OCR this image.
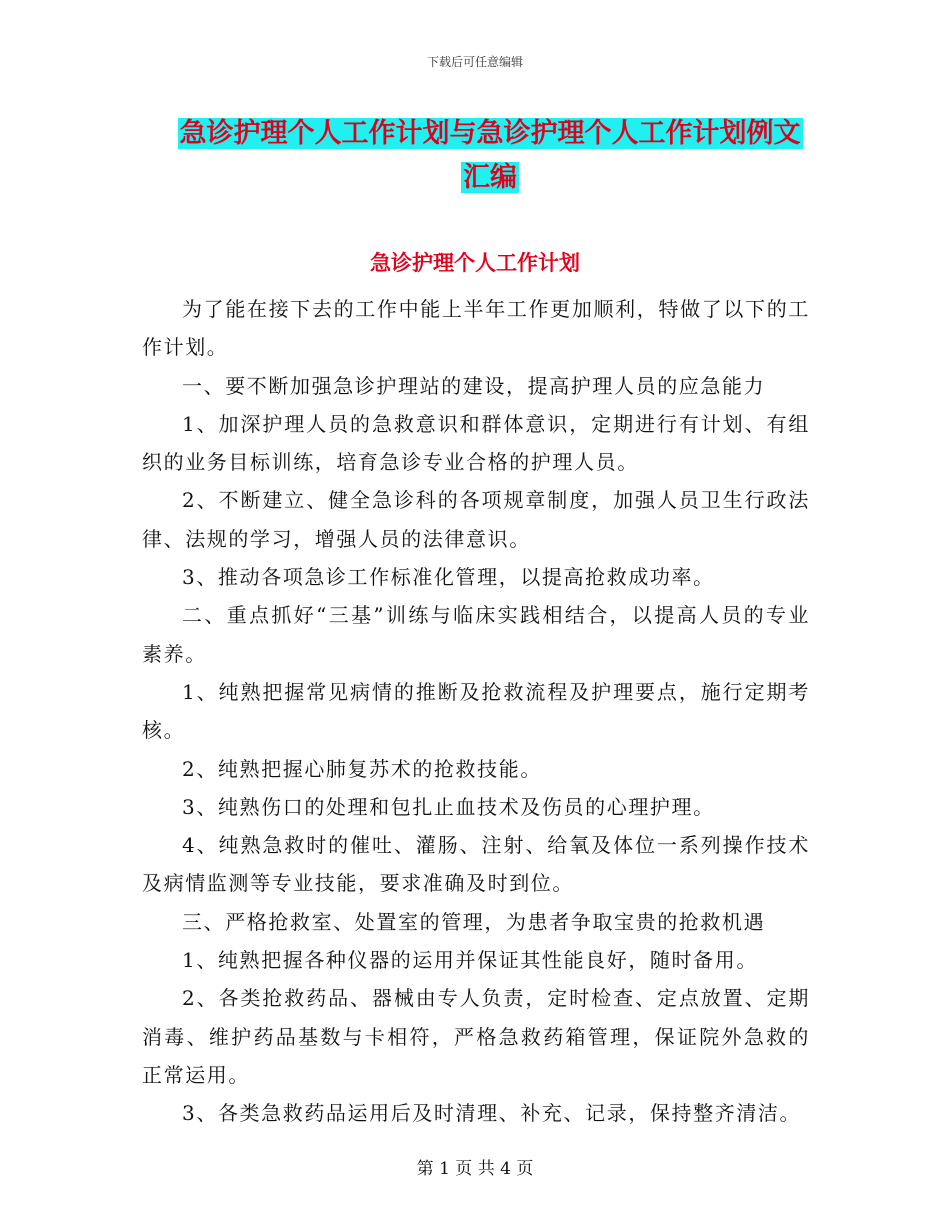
下载后可任意编辑
急诊护理个人工作计划与急诊护理个人工作计划例文
汇编
急诊护理个人工作计划

为了能在接下去的工作中能上半年工作更加顺利，特做了以下的工作计划。

一、要不断加强急诊护理站的建设，提高护理人员的应急能力

1、加深护理人员的急救意识和群体意识，定期进行有计划、有组织的业务目标训练，培育急诊专业合格的护理人员。

2、不断建立、健全急诊科的各项规章制度，加强人员卫生行政法律、法规的学习，增强人员的法律意识。

3、推动各项急诊工作标准化管理，以提高抢救成功率。

二、重点抓好“三基”训练与临床实践相结合，以提高人员的专业素养。

1、纯熟把握常见病情的推断及抢救流程及护理要点，施行定期考核。

2、纯熟把握心肺复苏术的抢救技能。

3、纯熟伤口的处理和包扎止血技术及伤员的心理护理。

4、纯熟急救时的催吐、灌肠、注射、给氧及体位一系列操作技术及病情监测等专业技能，要求准确及时到位。

三、严格抢救室、处置室的管理，为患者争取宝贵的抢救机遇

1、纯熟把握各种仪器的运用并保证其性能良好，随时备用。

2、各类抢救药品、器械由专人负责，定时检查、定点放置、定期消毒、维护药品基数与卡相符，严格急救药箱管理，保证院外急救的正常运用。

3、各类急救药品运用后及时清理、补充、记录，保持整齐清洁。

第 1 页 共 4 页
